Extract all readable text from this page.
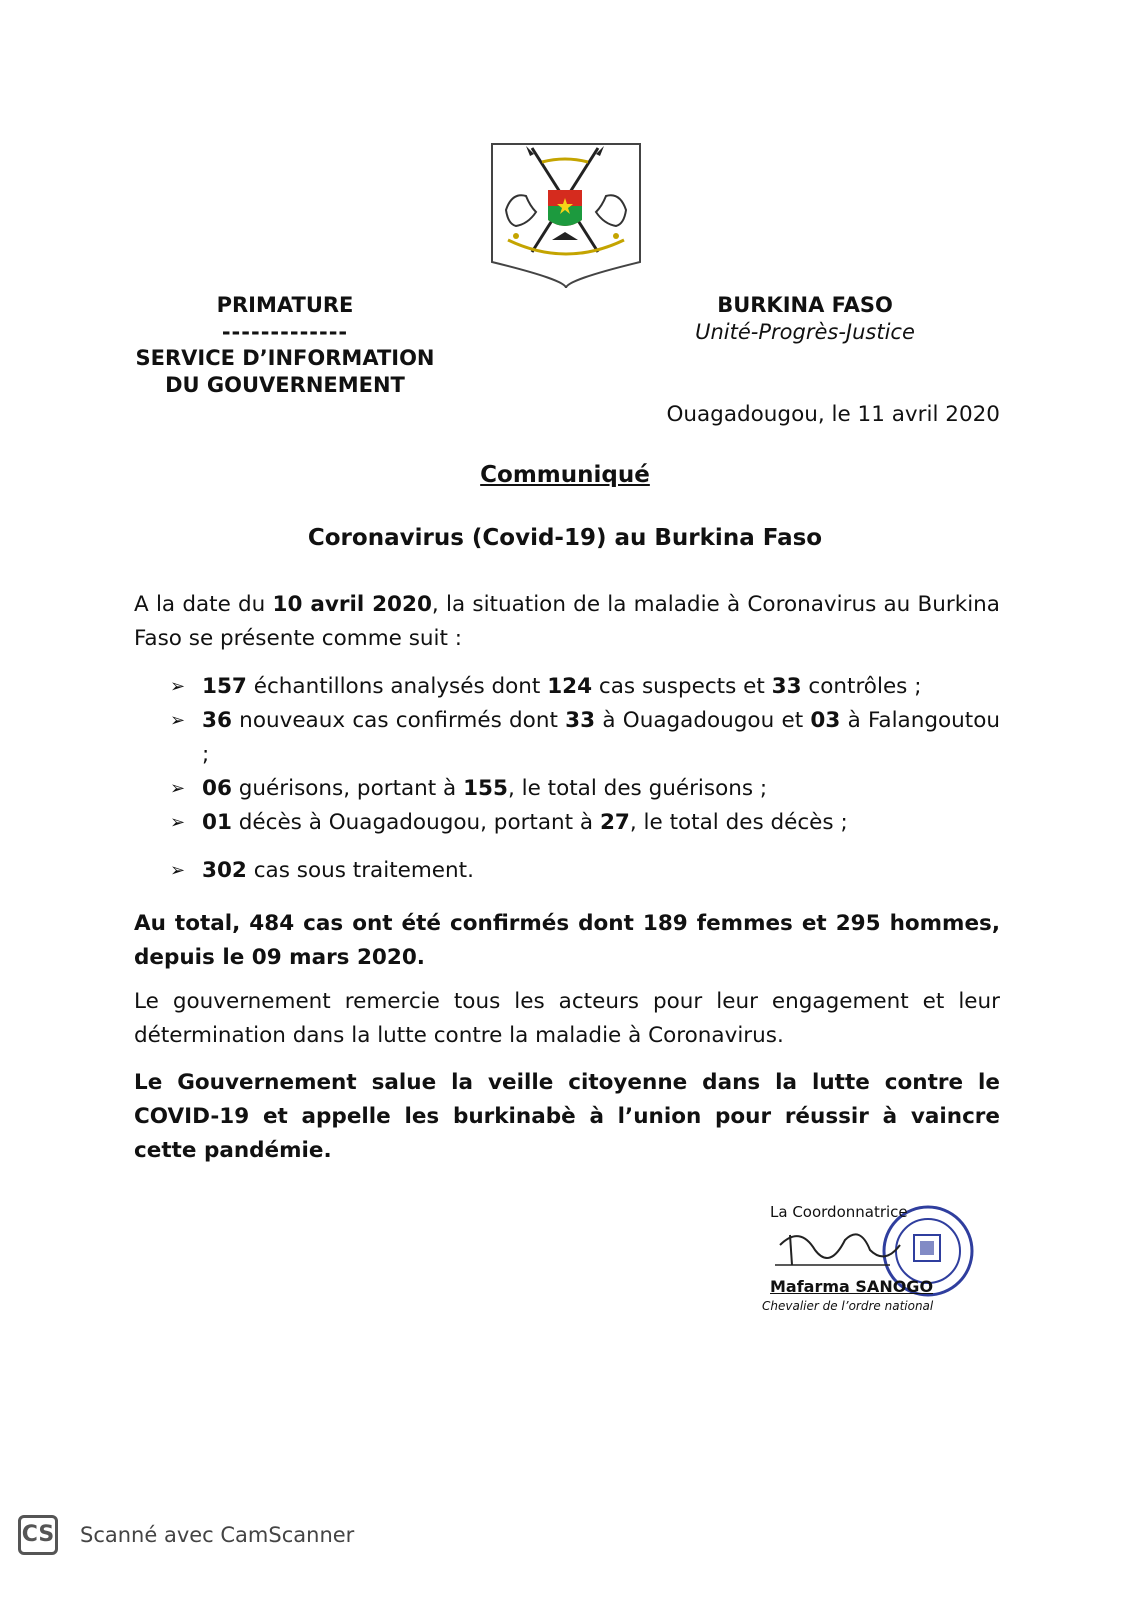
PRIMATURE
-------------
SERVICE D’INFORMATION
DU GOUVERNEMENT
BURKINA FASO
Unité-Progrès-Justice
Ouagadougou, le 11 avril 2020
Communiqué
Coronavirus (Covid-19) au Burkina Faso
A la date du 10 avril 2020, la situation de la maladie à Coronavirus au Burkina Faso se présente comme suit :
➢ 157 échantillons analysés dont 124 cas suspects et 33 contrôles ;
➢ 36 nouveaux cas confirmés dont 33 à Ouagadougou et 03 à Falangoutou ;
➢ 06 guérisons, portant à 155, le total des guérisons ;
➢ 01 décès à Ouagadougou, portant à 27, le total des décès ;
➢ 302 cas sous traitement.
Au total, 484 cas ont été confirmés dont 189 femmes et 295 hommes, depuis le 09 mars 2020.
Le gouvernement remercie tous les acteurs pour leur engagement et leur détermination dans la lutte contre la maladie à Coronavirus.
Le Gouvernement salue la veille citoyenne dans la lutte contre le COVID-19 et appelle les burkinabè à l’union pour réussir à vaincre cette pandémie.
La Coordonnatrice
Mafarma SANOGO
Chevalier de l’ordre national
CS Scanné avec CamScanner
